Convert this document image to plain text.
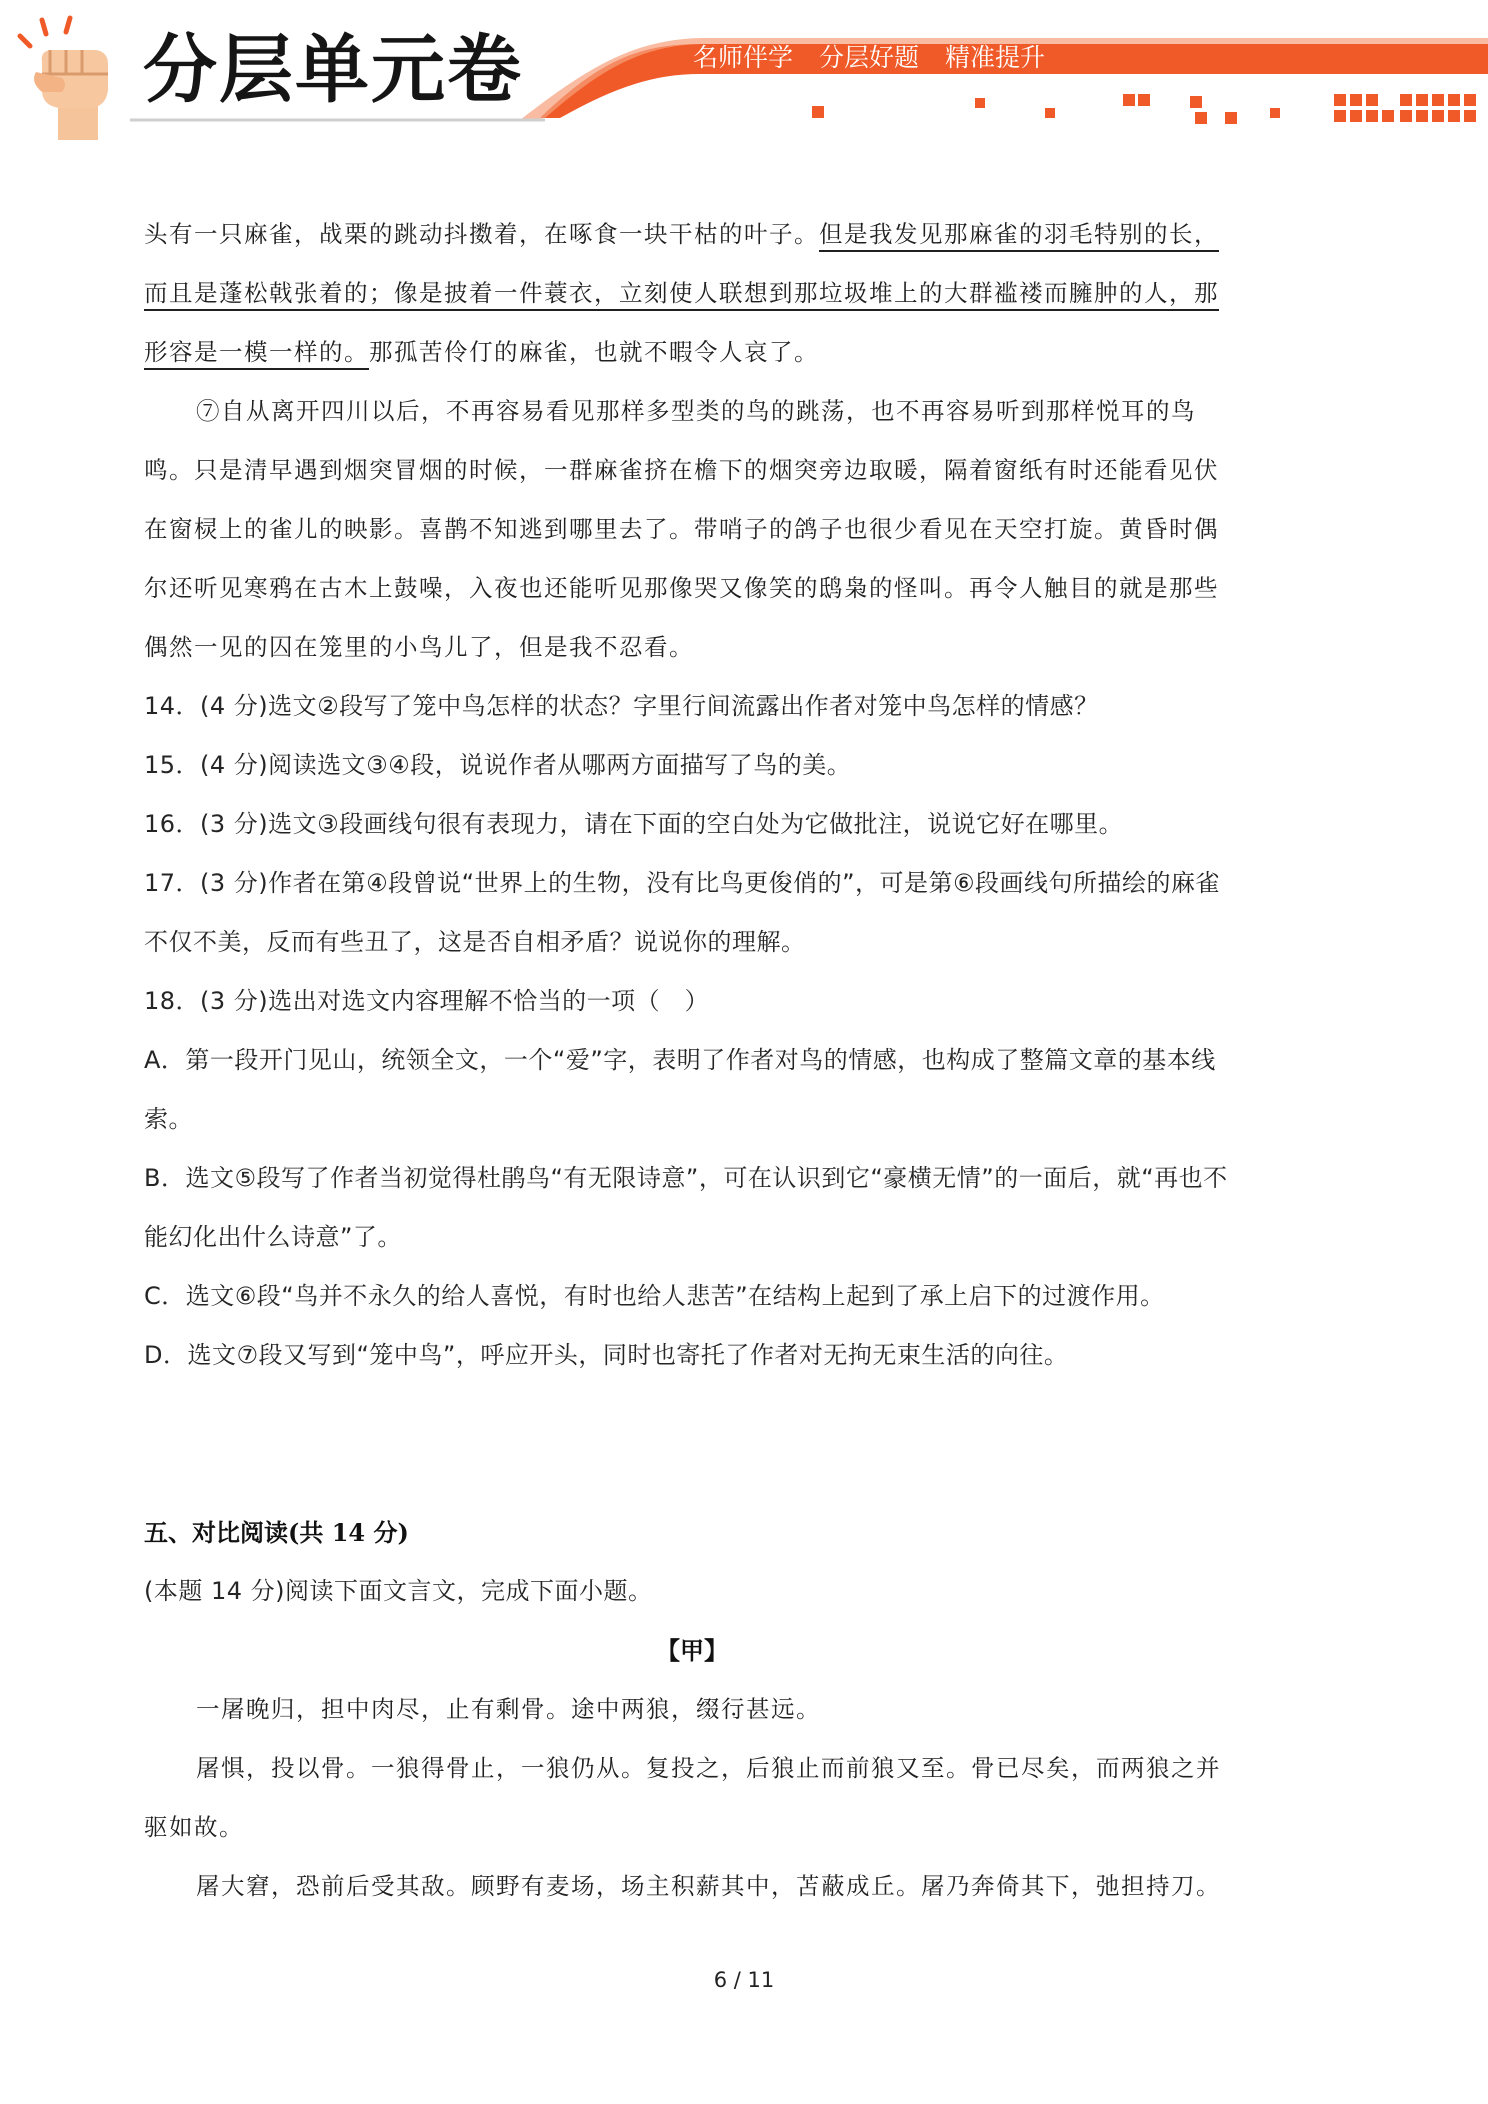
分层单元卷	名师伴学 分层好题 精准提升

头有一只麻雀，战栗的跳动抖擞着，在啄食一块干枯的叶子。但是我发见那麻雀的羽毛特别的长，而且是蓬松戟张着的；像是披着一件蓑衣，立刻使人联想到那垃圾堆上的大群褴褛而臃肿的人，那形容是一模一样的。那孤苦伶仃的麻雀，也就不暇令人哀了。

⑦自从离开四川以后，不再容易看见那样多型类的鸟的跳荡，也不再容易听到那样悦耳的鸟鸣。只是清早遇到烟突冒烟的时候，一群麻雀挤在檐下的烟突旁边取暖，隔着窗纸有时还能看见伏在窗棂上的雀儿的映影。喜鹊不知逃到哪里去了。带哨子的鸽子也很少看见在天空打旋。黄昏时偶尔还听见寒鸦在古木上鼓噪，入夜也还能听见那像哭又像笑的鸱枭的怪叫。再令人触目的就是那些偶然一见的囚在笼里的小鸟儿了，但是我不忍看。

14．(4 分)选文②段写了笼中鸟怎样的状态？字里行间流露出作者对笼中鸟怎样的情感？

15．(4 分)阅读选文③④段，说说作者从哪两方面描写了鸟的美。

16．(3 分)选文③段画线句很有表现力，请在下面的空白处为它做批注，说说它好在哪里。

17．(3 分)作者在第④段曾说“世界上的生物，没有比鸟更俊俏的”，可是第⑥段画线句所描绘的麻雀不仅不美，反而有些丑了，这是否自相矛盾？说说你的理解。

18．(3 分)选出对选文内容理解不恰当的一项（　）

A．第一段开门见山，统领全文，一个“爱”字，表明了作者对鸟的情感，也构成了整篇文章的基本线索。

B．选文⑤段写了作者当初觉得杜鹃鸟“有无限诗意”，可在认识到它“豪横无情”的一面后，就“再也不能幻化出什么诗意”了。

C．选文⑥段“鸟并不永久的给人喜悦，有时也给人悲苦”在结构上起到了承上启下的过渡作用。

D．选文⑦段又写到“笼中鸟”，呼应开头，同时也寄托了作者对无拘无束生活的向往。

五、对比阅读(共 14 分)

(本题 14 分)阅读下面文言文，完成下面小题。

【甲】

一屠晚归，担中肉尽，止有剩骨。途中两狼，缀 ·行甚远。

屠惧，投以骨。一狼得骨止，一狼仍从。复投之，后狼止而前狼又至。骨已尽矣，而两狼之并驱如故。

屠大窘，恐前后受其敌。顾野有麦场，场主积薪其中，苫蔽成丘。屠乃奔倚其下，弛担持刀。

6 / 11
